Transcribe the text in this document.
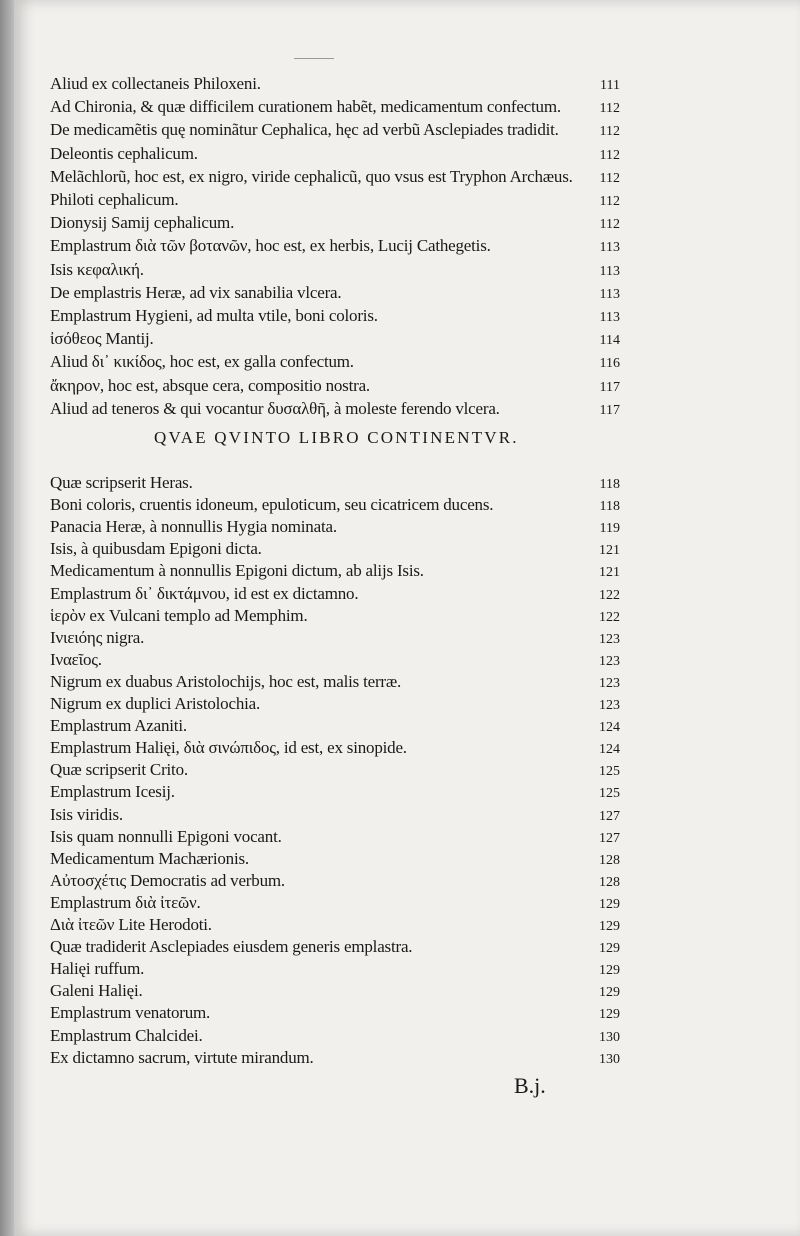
Aliud ex collectaneis Philoxeni.	111
Ad Chironia, & quæ difficilem curationem habẽt, medicamentum confectum.	112
De medicamẽtis quę nominãtur Cephalica, hęc ad verbũ Asclepiades tradidit.	112
Deleontis cephalicum.	112
Melãchlorũ, hoc est, ex nigro, viride cephalicũ, quo vsus est Tryphon Archæus.	112
Philoti cephalicum.	112
Dionysij Samij cephalicum.	112
Emplastrum διὰ τῶν βοτανῶν, hoc est, ex herbis, Lucij Cathegetis.	113
Isis κεφαλική.	113
De emplastris Heræ, ad vix sanabilia vlcera.	113
Emplastrum Hygieni, ad multa vtile, boni coloris.	113
ἰσόθεος Mantij.	114
Aliud δι᾽ κικίδος, hoc est, ex galla confectum.	116
ἄκηρον, hoc est, absque cera, compositio nostra.	117
Aliud ad teneros & qui vocantur δυσαλθῆ, à moleste ferendo vlcera.	117
QVAE QVINTO LIBRO CONTINENTVR.
Quæ scripserit Heras.	118
Boni coloris, cruentis idoneum, epuloticum, seu cicatricem ducens.	118
Panacia Heræ, à nonnullis Hygia nominata.	119
Isis, à quibusdam Epigoni dicta.	121
Medicamentum à nonnullis Epigoni dictum, ab alijs Isis.	121
Emplastrum δι᾽ δικτάμνου, id est ex dictamno.	122
ἱερὸν ex Vulcani templo ad Memphim.	122
Ινιειόης nigra.	123
Ιναεῖος.	123
Nigrum ex duabus Aristolochijs, hoc est, malis terræ.	123
Nigrum ex duplici Aristolochia.	123
Emplastrum Azaniti.	124
Emplastrum Halięi, διὰ σινώπιδος, id est, ex sinopide.	124
Quæ scripserit Crito.	125
Emplastrum Icesij.	125
Isis viridis.	127
Isis quam nonnulli Epigoni vocant.	127
Medicamentum Machærionis.	128
Αὐτοσχέτις Democratis ad verbum.	128
Emplastrum διὰ ἰτεῶν.	129
Διὰ ἰτεῶν Lite Herodoti.	129
Quæ tradiderit Asclepiades eiusdem generis emplastra.	129
Halięi ruffum.	129
Galeni Halięi.	129
Emplastrum venatorum.	129
Emplastrum Chalcidei.	130
Ex dictamno sacrum, virtute mirandum.	130
B.j.
